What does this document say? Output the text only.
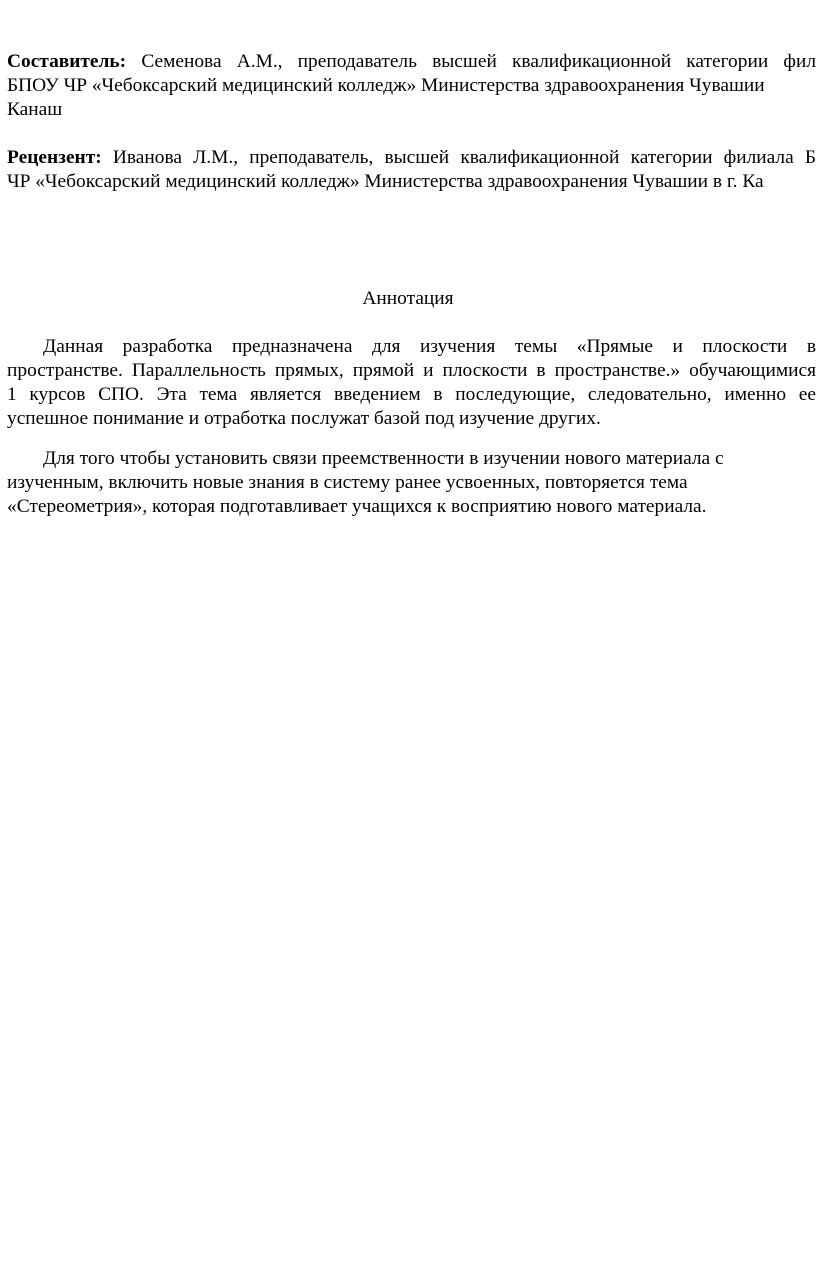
Составитель: Семенова А.М., преподаватель высшей квалификационной категории фил
БПОУ ЧР «Чебоксарский медицинский колледж» Министерства здравоохранения Чувашии
Канаш
Рецензент: Иванова Л.М., преподаватель, высшей квалификационной категории филиала Б
ЧР «Чебоксарский медицинский колледж» Министерства здравоохранения Чувашии в г. Ка
Аннотация
Данная разработка предназначена для изучения темы «Прямые и плоскости в
пространстве. Параллельность прямых, прямой и плоскости в пространстве.» обучающимися
1 курсов СПО. Эта тема является введением в последующие, следовательно, именно ее
успешное понимание и отработка послужат базой под изучение других.
Для того чтобы установить связи преемственности в изучении нового материала с
изученным, включить новые знания в систему ранее усвоенных, повторяется тема
«Стереометрия», которая подготавливает учащихся к восприятию нового материала.
